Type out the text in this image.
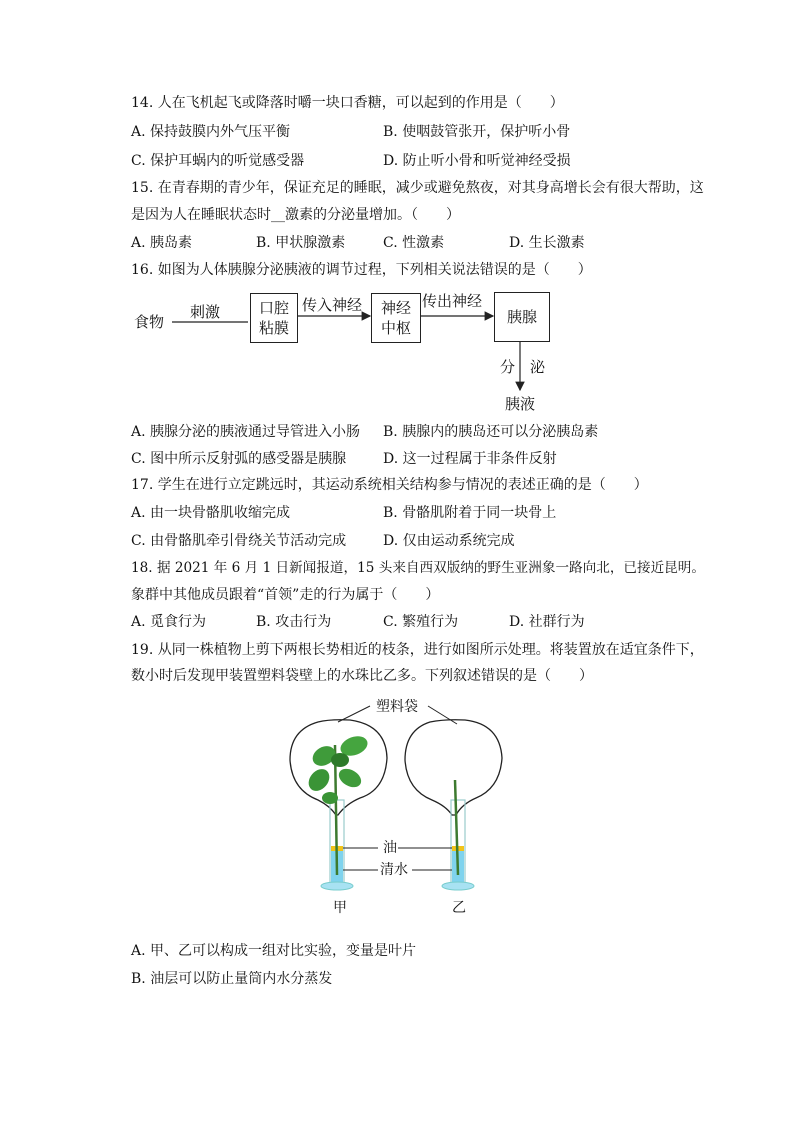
14. 人在飞机起飞或降落时嚼一块口香糖，可以起到的作用是（　　）
A. 保持鼓膜内外气压平衡	B. 使咽鼓管张开，保护听小骨
C. 保护耳蜗内的听觉感受器	D. 防止听小骨和听觉神经受损
15. 在青春期的青少年，保证充足的睡眠，减少或避免熬夜，对其身高增长会有很大帮助，这
是因为人在睡眠状态时__激素的分泌量增加。（　　）
A. 胰岛素	B. 甲状腺激素	C. 性激素	D. 生长激素
16. 如图为人体胰腺分泌胰液的调节过程，下列相关说法错误的是（　　）
食物
刺激	口腔
粘膜
传入神经 神经
中枢
传出神经
胰腺
分 泌
胰液
A. 胰腺分泌的胰液通过导管进入小肠 B. 胰腺内的胰岛还可以分泌胰岛素
C. 图中所示反射弧的感受器是胰腺	D. 这一过程属于非条件反射
17. 学生在进行立定跳远时，其运动系统相关结构参与情况的表述正确的是（　　）
A. 由一块骨骼肌收缩完成	B. 骨骼肌附着于同一块骨上
C. 由骨骼肌牵引骨绕关节活动完成	D. 仅由运动系统完成
18. 据 2021 年 6 月 1 日新闻报道，15 头来自西双版纳的野生亚洲象一路向北，已接近昆明。
象群中其他成员跟着“首领”走的行为属于（　　）
A. 觅食行为	B. 攻击行为	C. 繁殖行为	D. 社群行为
19. 从同一株植物上剪下两根长势相近的枝条，进行如图所示处理。将装置放在适宜条件下，
数小时后发现甲装置塑料袋壁上的水珠比乙多。下列叙述错误的是（　　）
塑料袋
油
清水
甲	乙
A. 甲、乙可以构成一组对比实验，变量是叶片
B. 油层可以防止量筒内水分蒸发
